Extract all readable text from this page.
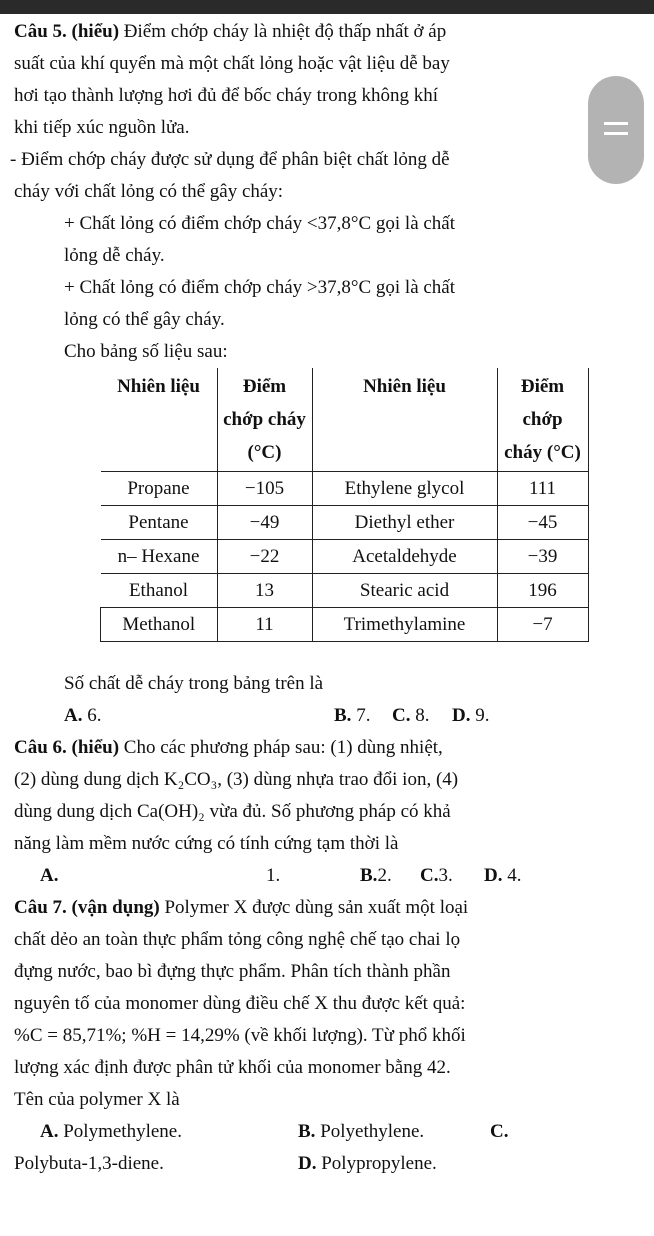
Câu 5. (hiểu) Điểm chớp cháy là nhiệt độ thấp nhất ở áp

suất của khí quyển mà một chất lỏng hoặc vật liệu dễ bay

hơi tạo thành lượng hơi đủ để bốc cháy trong không khí

khi tiếp xúc nguồn lửa.

- Điểm chớp cháy được sử dụng để phân biệt chất lỏng dễ

cháy với chất lỏng có thể gây cháy:

+ Chất lỏng có điểm chớp cháy <37,8°C gọi là chất

lỏng dễ cháy.

+ Chất lỏng có điểm chớp cháy >37,8°C gọi là chất

lỏng có thể gây cháy.

Cho bảng số liệu sau:

Nhiên liệu	Điểm chớp cháy (°C)	Nhiên liệu	Điểm chớp cháy (°C)
Propane	−105	Ethylene glycol	111
Pentane	−49	Diethyl ether	−45
n– Hexane	−22	Acetaldehyde	−39
Ethanol	13	Stearic acid	196
Methanol	11	Trimethylamine	−7

Số chất dễ cháy trong bảng trên là

A. 6.	B. 7.	C. 8.	D. 9.

Câu 6. (hiểu) Cho các phương pháp sau: (1) dùng nhiệt,

(2) dùng dung dịch K₂CO₃, (3) dùng nhựa trao đổi ion, (4)

dùng dung dịch Ca(OH)₂ vừa đủ. Số phương pháp có khả

năng làm mềm nước cứng có tính cứng tạm thời là

A.	1.	B.2.	C.3.	D. 4.

Câu 7. (vận dụng) Polymer X được dùng sản xuất một loại

chất dẻo an toàn thực phẩm tỏng công nghệ chế tạo chai lọ

đựng nước, bao bì đựng thực phẩm. Phân tích thành phần

nguyên tố của monomer dùng điều chế X thu được kết quả:

%C = 85,71%; %H = 14,29% (về khối lượng). Từ phổ khối

lượng xác định được phân tử khối của monomer bằng 42.

Tên của polymer X là

A. Polymethylene.	B. Polyethylene.	C.
Polybuta-1,3-diene.	D. Polypropylene.
